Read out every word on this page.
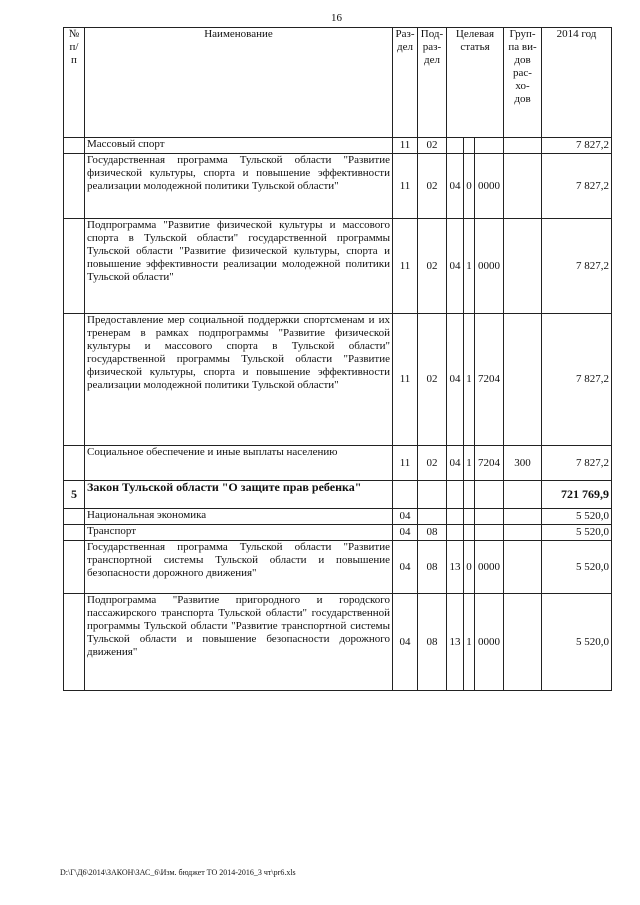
16
№ п/ п	Наименование	Раз- дел	Под- раз- дел	Целевая статья			Груп- па ви- дов рас- хо- дов	2014 год
	Массовый спорт	11	02					7 827,2
	Государственная программа Тульской области "Развитие физической культуры, спорта и повышение эффективности реализации молодежной политики Тульской области"	11	02	04	0	0000		7 827,2
	Подпрограмма "Развитие физической культуры и массового спорта в Тульской области" государственной программы Тульской области "Развитие физической культуры, спорта и повышение эффективности реализации молодежной политики Тульской области"	11	02	04	1	0000		7 827,2
	Предоставление мер социальной поддержки спортсменам и их тренерам в рамках подпрограммы "Развитие физической культуры и массового спорта в Тульской области" государственной программы Тульской области "Развитие физической культуры, спорта и повышение эффективности реализации молодежной политики Тульской области"	11	02	04	1	7204		7 827,2
	Социальное обеспечение и иные выплаты населению	11	02	04	1	7204	300	7 827,2
5	Закон Тульской области "О защите прав ребенка"							721 769,9
	Национальная экономика	04						5 520,0
	Транспорт	04	08					5 520,0
	Государственная программа Тульской области "Развитие транспортной системы Тульской области и повышение безопасности дорожного движения"	04	08	13	0	0000		5 520,0
	Подпрограмма "Развитие пригородного и городского пассажирского транспорта Тульской области" государственной программы Тульской области "Развитие транспортной системы Тульской области и повышение безопасности дорожного движения"	04	08	13	1	0000		5 520,0
D:\Г\Д6\2014\ЗАКОН\ЗАС_6\Изм. бюджет ТО 2014-2016_3 чт\pr6.xls
